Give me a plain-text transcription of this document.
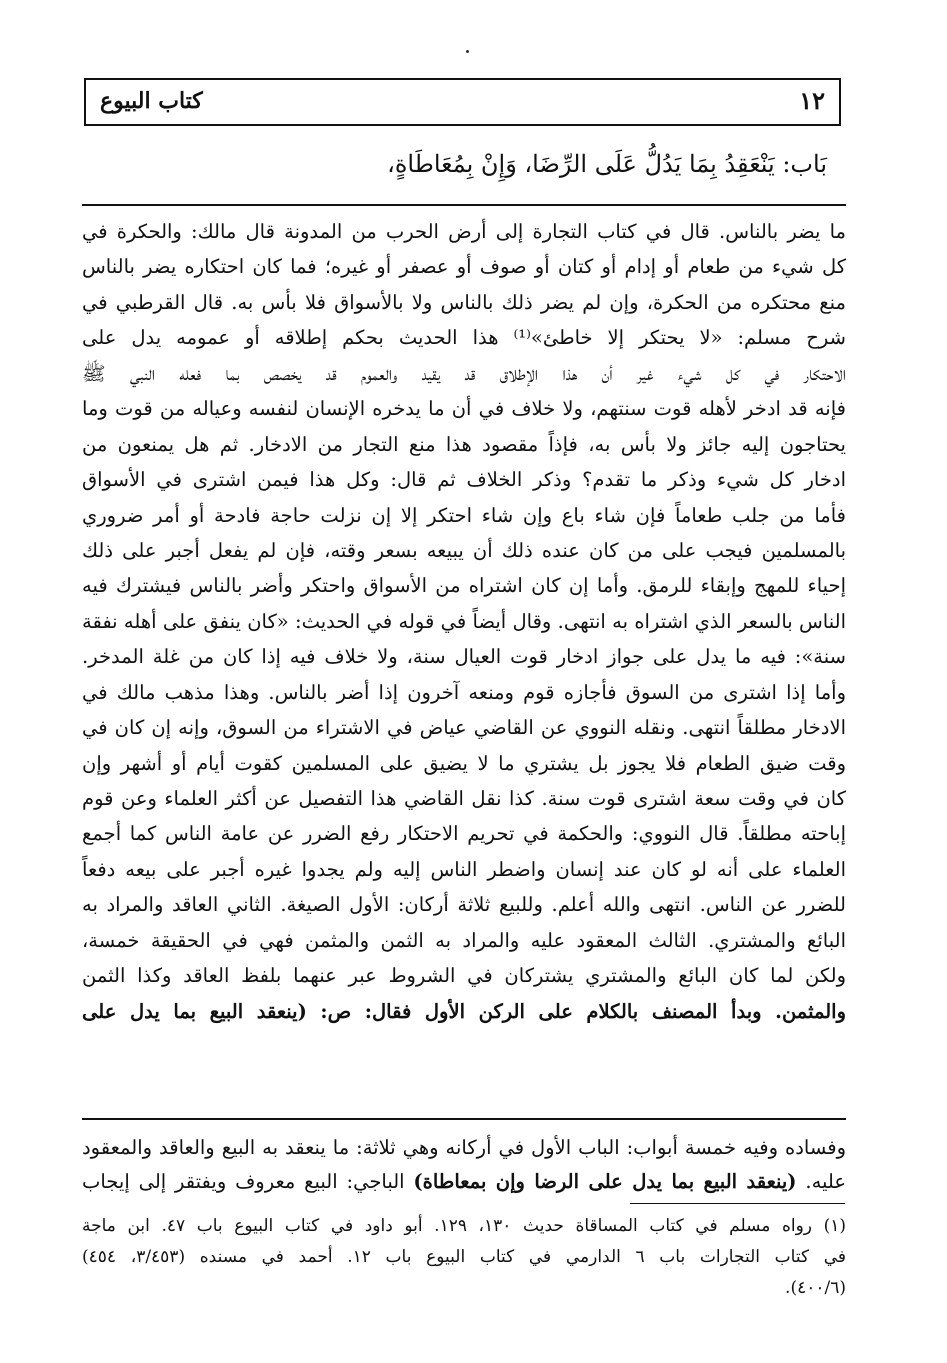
كتاب البيوع	١٢
بَاب: يَنْعَقِدُ بِمَا يَدُلُّ عَلَى الرِّضَا، وَإِنْ بِمُعَاطَاةٍ،
ما يضر بالناس. قال في كتاب التجارة إلى أرض الحرب من المدونة قال مالك: والحكرة في
كل شيء من طعام أو إدام أو كتان أو صوف أو عصفر أو غيره؛ فما كان احتكاره يضر بالناس
منع محتكره من الحكرة، وإن لم يضر ذلك بالناس ولا بالأسواق فلا بأس به. قال القرطبي في
شرح مسلم: «لا يحتكر إلا خاطئ»⁽¹⁾ هذا الحديث بحكم إطلاقه أو عمومه يدل على
الاحتكار في كل شيء غير أن هذا الإطلاق قد يقيد والعموم قد يخصص بما فعله النبي ﷺ
فإنه قد ادخر لأهله قوت سنتهم، ولا خلاف في أن ما يدخره الإنسان لنفسه وعياله من قوت وما
يحتاجون إليه جائز ولا بأس به، فإذاً مقصود هذا منع التجار من الادخار. ثم هل يمنعون من
ادخار كل شيء وذكر ما تقدم؟ وذكر الخلاف ثم قال: وكل هذا فيمن اشترى في الأسواق
فأما من جلب طعاماً فإن شاء باع وإن شاء احتكر إلا إن نزلت حاجة فادحة أو أمر ضروري
بالمسلمين فيجب على من كان عنده ذلك أن يبيعه بسعر وقته، فإن لم يفعل أجبر على ذلك
إحياء للمهج وإبقاء للرمق. وأما إن كان اشتراه من الأسواق واحتكر وأضر بالناس فيشترك فيه
الناس بالسعر الذي اشتراه به انتهى. وقال أيضاً في قوله في الحديث: «كان ينفق على أهله نفقة
سنة»: فيه ما يدل على جواز ادخار قوت العيال سنة، ولا خلاف فيه إذا كان من غلة المدخر.
وأما إذا اشترى من السوق فأجازه قوم ومنعه آخرون إذا أضر بالناس. وهذا مذهب مالك في
الادخار مطلقاً انتهى. ونقله النووي عن القاضي عياض في الاشتراء من السوق، وإنه إن كان في
وقت ضيق الطعام فلا يجوز بل يشتري ما لا يضيق على المسلمين كقوت أيام أو أشهر وإن
كان في وقت سعة اشترى قوت سنة. كذا نقل القاضي هذا التفصيل عن أكثر العلماء وعن قوم
إباحته مطلقاً. قال النووي: والحكمة في تحريم الاحتكار رفع الضرر عن عامة الناس كما أجمع
العلماء على أنه لو كان عند إنسان واضطر الناس إليه ولم يجدوا غيره أجبر على بيعه دفعاً
للضرر عن الناس. انتهى والله أعلم. وللبيع ثلاثة أركان: الأول الصيغة. الثاني العاقد والمراد به
البائع والمشتري. الثالث المعقود عليه والمراد به الثمن والمثمن فهي في الحقيقة خمسة،
ولكن لما كان البائع والمشتري يشتركان في الشروط عبر عنهما بلفظ العاقد وكذا الثمن
والمثمن. وبدأ المصنف بالكلام على الركن الأول فقال: ص: (ينعقد البيع بما يدل على
وفساده وفيه خمسة أبواب: الباب الأول في أركانه وهي ثلاثة: ما ينعقد به البيع والعاقد والمعقود
عليه. (ينعقد البيع بما يدل على الرضا وإن بمعاطاة) الباجي: البيع معروف ويفتقر إلى إيجاب
(١) رواه مسلم في كتاب المساقاة حديث ١٣٠، ١٢٩. أبو داود في كتاب البيوع باب ٤٧. ابن ماجة
في كتاب التجارات باب ٦ الدارمي في كتاب البيوع باب ١٢. أحمد في مسنده (٣/٤٥٣، ٤٥٤)
(٤٠٠/٦).
